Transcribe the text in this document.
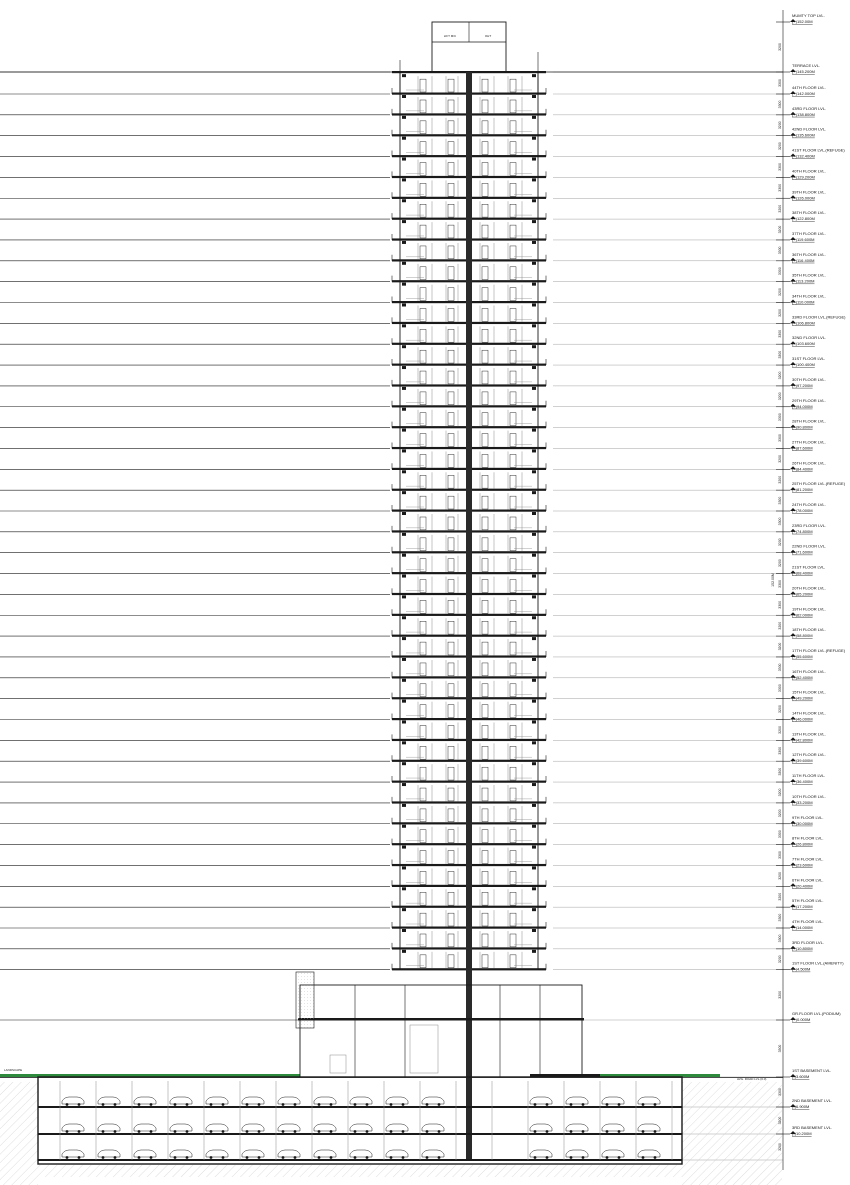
LIFT M/C	OHT
MUMTY TOP LVL.
(+)152.00M
TERRACE LVL.
(+)145.200M
44TH FLOOR LVL.
(+)142.000M
43RD FLOOR LVL.
(+)138.800M
42ND FLOOR LVL.
(+)135.600M
41ST FLOOR LVL.(REFUGE)
(+)132.400M
40TH FLOOR LVL.
(+)129.200M
39TH FLOOR LVL.
(+)126.000M
38TH FLOOR LVL.
(+)122.800M
37TH FLOOR LVL.
(+)119.600M
36TH FLOOR LVL.
(+)116.400M
35TH FLOOR LVL.
(+)113.200M
34TH FLOOR LVL.
(+)110.000M
33RD FLOOR LVL.(REFUGE)
(+)106.800M
32ND FLOOR LVL.
(+)103.600M
31ST FLOOR LVL.
(+)100.400M
30TH FLOOR LVL.
(+)97.200M
29TH FLOOR LVL.
(+)94.000M
28TH FLOOR LVL.
(+)90.800M
27TH FLOOR LVL.
(+)87.600M
26TH FLOOR LVL.
(+)84.400M
25TH FLOOR LVL.(REFUGE)
(+)81.200M
24TH FLOOR LVL.
(+)78.000M
23RD FLOOR LVL.
(+)74.800M
22ND FLOOR LVL.
(+)71.600M
21ST FLOOR LVL.
(+)68.400M
20TH FLOOR LVL.
(+)65.200M
19TH FLOOR LVL.
(+)62.000M
18TH FLOOR LVL.
(+)58.800M
17TH FLOOR LVL.(REFUGE)
(+)55.600M
16TH FLOOR LVL.
(+)52.400M
15TH FLOOR LVL.
(+)49.200M
14TH FLOOR LVL.
(+)46.000M
13TH FLOOR LVL.
(+)42.800M
12TH FLOOR LVL.
(+)39.600M
11TH FLOOR LVL.
(+)36.400M
10TH FLOOR LVL.
(+)33.200M
9TH FLOOR LVL.
(+)30.000M
8TH FLOOR LVL.
(+)26.800M
7TH FLOOR LVL.
(+)23.600M
6TH FLOOR LVL.
(+)20.400M
5TH FLOOR LVL.
(+)17.200M
4TH FLOOR LVL.
(+)14.000M
3RD FLOOR LVL.
(+)10.800M
1ST FLOOR LVL.(AMENITY)
(+)4.500M
GR.FLOOR LVL.(PODIUM)
(+)0.000M
1ST BASEMENT LVL.
(-)3.600M
2ND BASEMENT LVL.
(-)6.900M
3RD BASEMENT LVL.
(-)10.200M
3200
3300
3300
3200
3200
3300
3300
3200
3200
3300
3300
3200
3200
3300
3300
3200
3200
3300
3300
3200
3200
3300
3300
3200
3200
3300
3300
3200
3200
3300
3300
3200
3200
3300
3300
3200
3200
3300
3300
3200
3200
3300
3300
3200
3200
3300
3300
3200
3200
152.00M
AVG. ROAD LVL.(0.0)
LANDSCAPE
